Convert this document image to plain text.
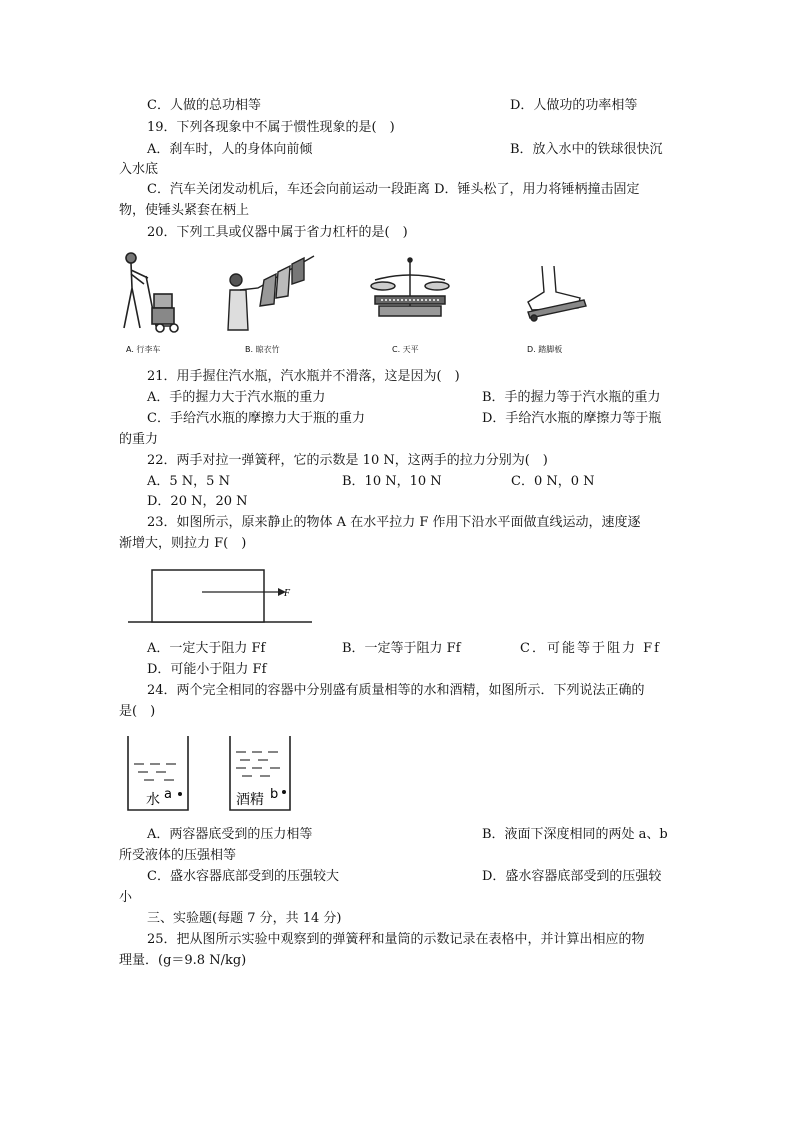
C．人做的总功相等	D．人做功的功率相等
19．下列各现象中不属于惯性现象的是(　)
A．刹车时，人的身体向前倾	B．放入水中的铁球很快沉
入水底
C．汽车关闭发动机后，车还会向前运动一段距离 D．锤头松了，用力将锤柄撞击固定
物，使锤头紧套在柄上
20．下列工具或仪器中属于省力杠杆的是(　)
A. 行李车	B. 晾衣竹	C. 天平	D. 踏脚板
21．用手握住汽水瓶，汽水瓶并不滑落，这是因为(　)
A．手的握力大于汽水瓶的重力	B．手的握力等于汽水瓶的重力
C．手给汽水瓶的摩擦力大于瓶的重力	D．手给汽水瓶的摩擦力等于瓶
的重力
22．两手对拉一弹簧秤，它的示数是 10 N，这两手的拉力分别为(　)
A．5 N，5 N	B．10 N，10 N	C．0 N，0 N
D．20 N，20 N
23．如图所示，原来静止的物体 A 在水平拉力 F 作用下沿水平面做直线运动，速度逐
渐增大，则拉力 F(　)
F
A．一定大于阻力 Ff	B．一定等于阻力 Ff	C．可能等于阻力 Ff
D．可能小于阻力 Ff
24．两个完全相同的容器中分别盛有质量相等的水和酒精，如图所示．下列说法正确的
是(　)
水 a	酒精 b
A．两容器底受到的压力相等	B．液面下深度相同的两处 a、b
所受液体的压强相等
C．盛水容器底部受到的压强较大	D．盛水容器底部受到的压强较
小
三、实验题(每题 7 分，共 14 分)
25．把从图所示实验中观察到的弹簧秤和量筒的示数记录在表格中，并计算出相应的物
理量．(g＝9.8 N/kg)
